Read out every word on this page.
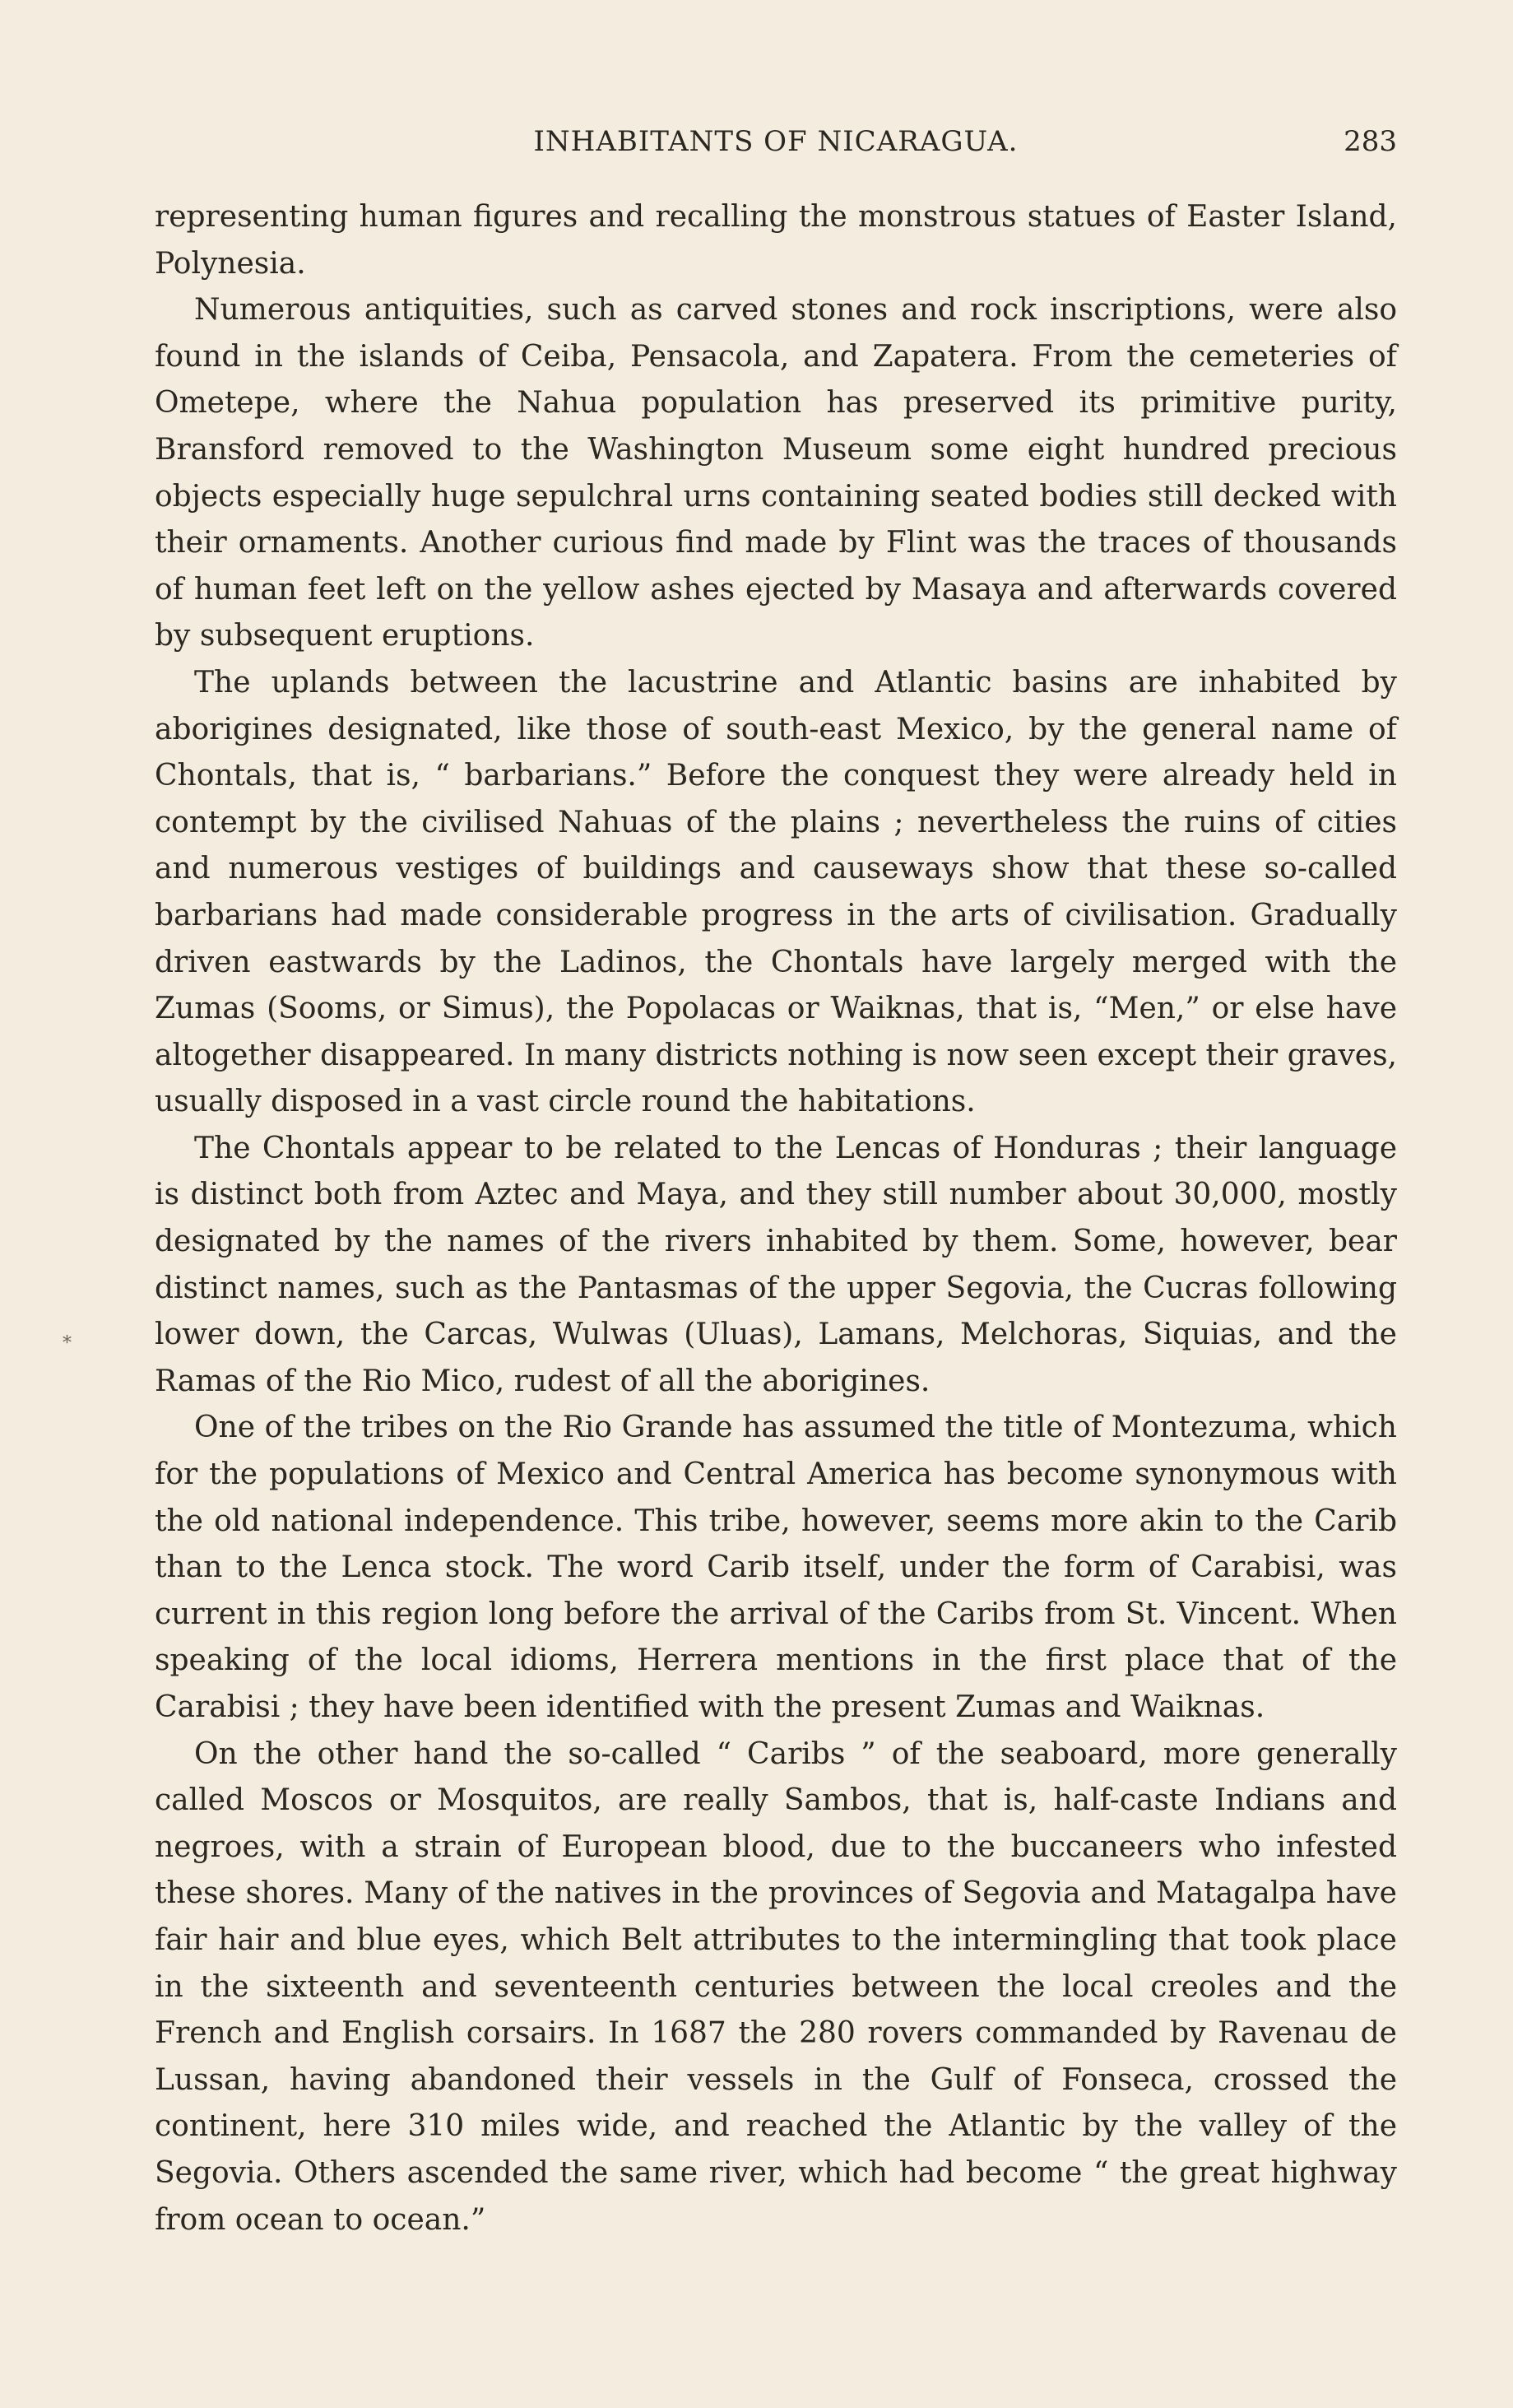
INHABITANTS OF NICARAGUA.	283
*

representing human figures and recalling the monstrous statues of Easter Island, Polynesia.

Numerous antiquities, such as carved stones and rock inscriptions, were also found in the islands of Ceiba, Pensacola, and Zapatera. From the cemeteries of Ometepe, where the Nahua population has preserved its primitive purity, Bransford removed to the Washington Museum some eight hundred precious objects especially huge sepulchral urns containing seated bodies still decked with their ornaments. Another curious find made by Flint was the traces of thousands of human feet left on the yellow ashes ejected by Masaya and afterwards covered by subsequent eruptions.

The uplands between the lacustrine and Atlantic basins are inhabited by aborigines designated, like those of south-east Mexico, by the general name of Chontals, that is, “ barbarians.” Before the conquest they were already held in contempt by the civilised Nahuas of the plains ; nevertheless the ruins of cities and numerous vestiges of buildings and causeways show that these so-called barbarians had made considerable progress in the arts of civilisation. Gradually driven eastwards by the Ladinos, the Chontals have largely merged with the Zumas (Sooms, or Simus), the Popolacas or Waiknas, that is, “Men,” or else have altogether disappeared. In many districts nothing is now seen except their graves, usually disposed in a vast circle round the habitations.

The Chontals appear to be related to the Lencas of Honduras ; their language is distinct both from Aztec and Maya, and they still number about 30,000, mostly designated by the names of the rivers inhabited by them. Some, however, bear distinct names, such as the Pantasmas of the upper Segovia, the Cucras following lower down, the Carcas, Wulwas (Uluas), Lamans, Melchoras, Siquias, and the Ramas of the Rio Mico, rudest of all the aborigines.

One of the tribes on the Rio Grande has assumed the title of Montezuma, which for the populations of Mexico and Central America has become synonymous with the old national independence. This tribe, however, seems more akin to the Carib than to the Lenca stock. The word Carib itself, under the form of Carabisi, was current in this region long before the arrival of the Caribs from St. Vincent. When speaking of the local idioms, Herrera mentions in the first place that of the Carabisi ; they have been identified with the present Zumas and Waiknas.

On the other hand the so-called “ Caribs ” of the seaboard, more generally called Moscos or Mosquitos, are really Sambos, that is, half-caste Indians and negroes, with a strain of European blood, due to the buccaneers who infested these shores. Many of the natives in the provinces of Segovia and Matagalpa have fair hair and blue eyes, which Belt attributes to the intermingling that took place in the sixteenth and seventeenth centuries between the local creoles and the French and English corsairs. In 1687 the 280 rovers commanded by Ravenau de Lussan, having abandoned their vessels in the Gulf of Fonseca, crossed the continent, here 310 miles wide, and reached the Atlantic by the valley of the Segovia. Others ascended the same river, which had become “ the great highway from ocean to ocean.”
